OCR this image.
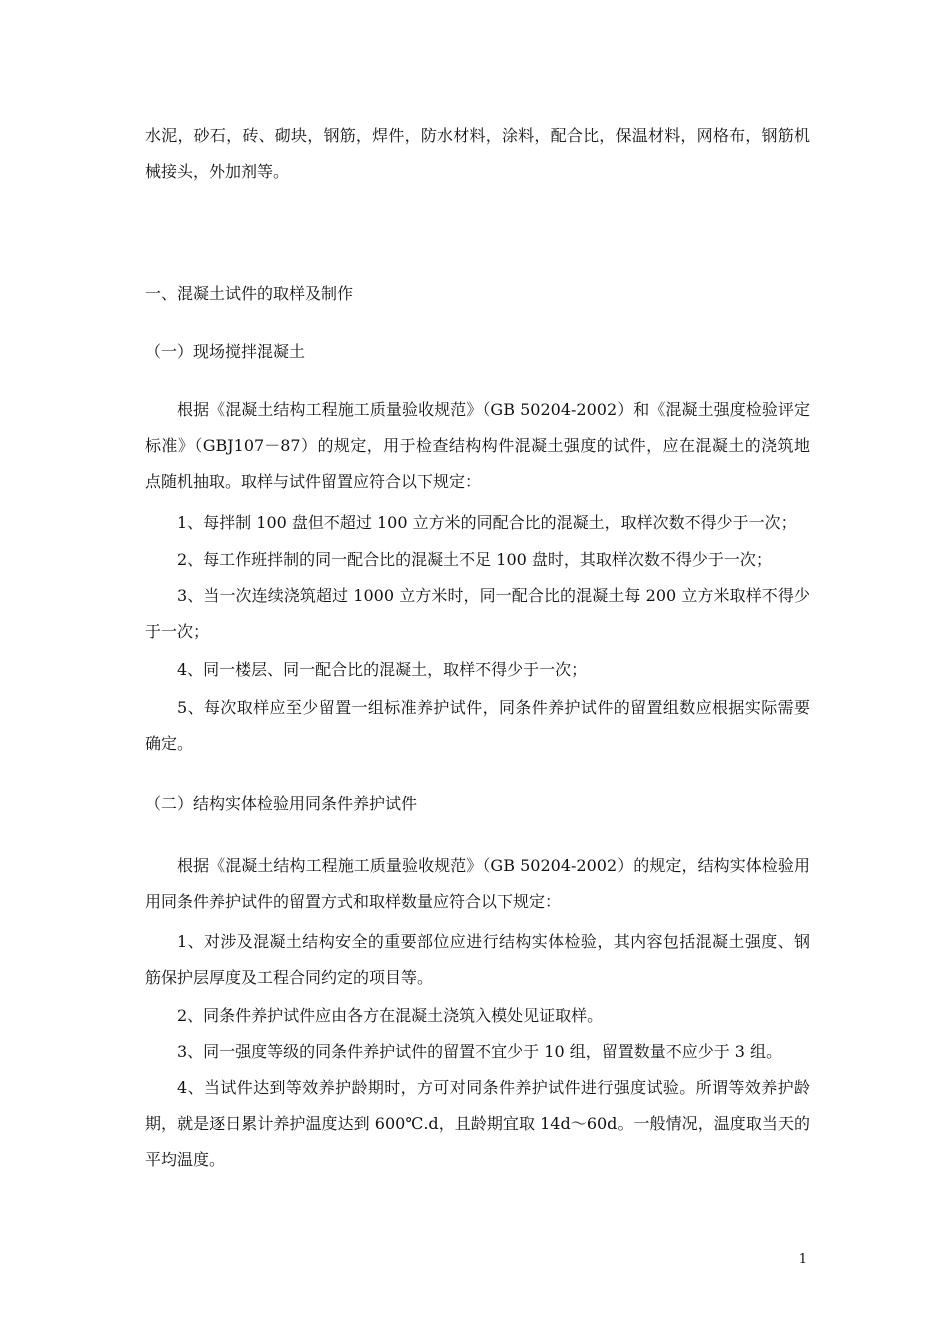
水泥，砂石，砖、砌块，钢筋，焊件，防水材料，涂料，配合比，保温材料，网格布，钢筋机械接头，外加剂等。

一、混凝土试件的取样及制作

（一）现场搅拌混凝土

根据《混凝土结构工程施工质量验收规范》（GB 50204-2002）和《混凝土强度检验评定标准》（GBJ107－87）的规定，用于检查结构构件混凝土强度的试件，应在混凝土的浇筑地点随机抽取。取样与试件留置应符合以下规定：

1、每拌制 100 盘但不超过 100 立方米的同配合比的混凝土，取样次数不得少于一次；

2、每工作班拌制的同一配合比的混凝土不足 100 盘时，其取样次数不得少于一次；

3、当一次连续浇筑超过 1000 立方米时，同一配合比的混凝土每 200 立方米取样不得少于一次；

4、同一楼层、同一配合比的混凝土，取样不得少于一次；

5、每次取样应至少留置一组标准养护试件，同条件养护试件的留置组数应根据实际需要确定。

（二）结构实体检验用同条件养护试件

根据《混凝土结构工程施工质量验收规范》（GB 50204-2002）的规定，结构实体检验用用同条件养护试件的留置方式和取样数量应符合以下规定：

1、对涉及混凝土结构安全的重要部位应进行结构实体检验，其内容包括混凝土强度、钢筋保护层厚度及工程合同约定的项目等。

2、同条件养护试件应由各方在混凝土浇筑入模处见证取样。

3、同一强度等级的同条件养护试件的留置不宜少于 10 组，留置数量不应少于 3 组。

4、当试件达到等效养护龄期时，方可对同条件养护试件进行强度试验。所谓等效养护龄期，就是逐日累计养护温度达到 600℃.d，且龄期宜取 14d～60d。一般情况，温度取当天的平均温度。

1
